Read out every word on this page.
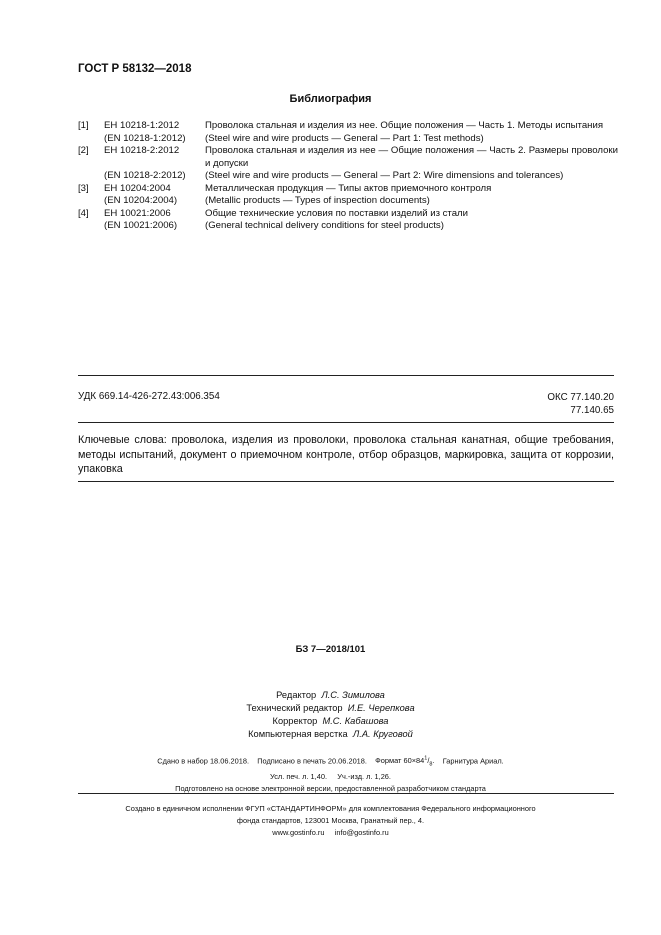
ГОСТ Р 58132—2018
Библиография
[1] ЕН 10218-1:2012	Проволока стальная и изделия из нее. Общие положения — Часть 1. Методы испытания
(EN 10218-1:2012) (Steel wire and wire products — General — Part 1: Test methods)
[2] ЕН 10218-2:2012	Проволока стальная и изделия из нее — Общие положения — Часть 2. Размеры проволоки и допуски
(EN 10218-2:2012) (Steel wire and wire products — General — Part 2: Wire dimensions and tolerances)
[3] ЕН 10204:2004	Металлическая продукция — Типы актов приемочного контроля
(EN 10204:2004)	(Metallic products — Types of inspection documents)
[4] ЕН 10021:2006	Общие технические условия по поставки изделий из стали
(EN 10021:2006)	(General technical delivery conditions for steel products)
УДК 669.14-426-272.43:006.354	ОКС 77.140.20
77.140.65
Ключевые слова: проволока, изделия из проволоки, проволока стальная канатная, общие требования, методы испытаний, документ о приемочном контроле, отбор образцов, маркировка, защита от коррозии, упаковка
БЗ 7—2018/101
Редактор Л.С. Зимилова
Технический редактор И.Е. Черепкова
Корректор М.С. Кабашова
Компьютерная верстка Л.А. Круговой
Сдано в набор 18.06.2018. Подписано в печать 20.06.2018. Формат $60\times 84^1/_8$. Гарнитура Ариал.
Усл. печ. л. 1,40. Уч.-изд. л. 1,26.
Подготовлено на основе электронной версии, предоставленной разработчиком стандарта
Создано в единичном исполнении ФГУП «СТАНДАРТИНФОРМ» для комплектования Федерального информационного
фонда стандартов, 123001 Москва, Гранатный пер., 4.
www.gostinfo.ru info@gostinfo.ru
